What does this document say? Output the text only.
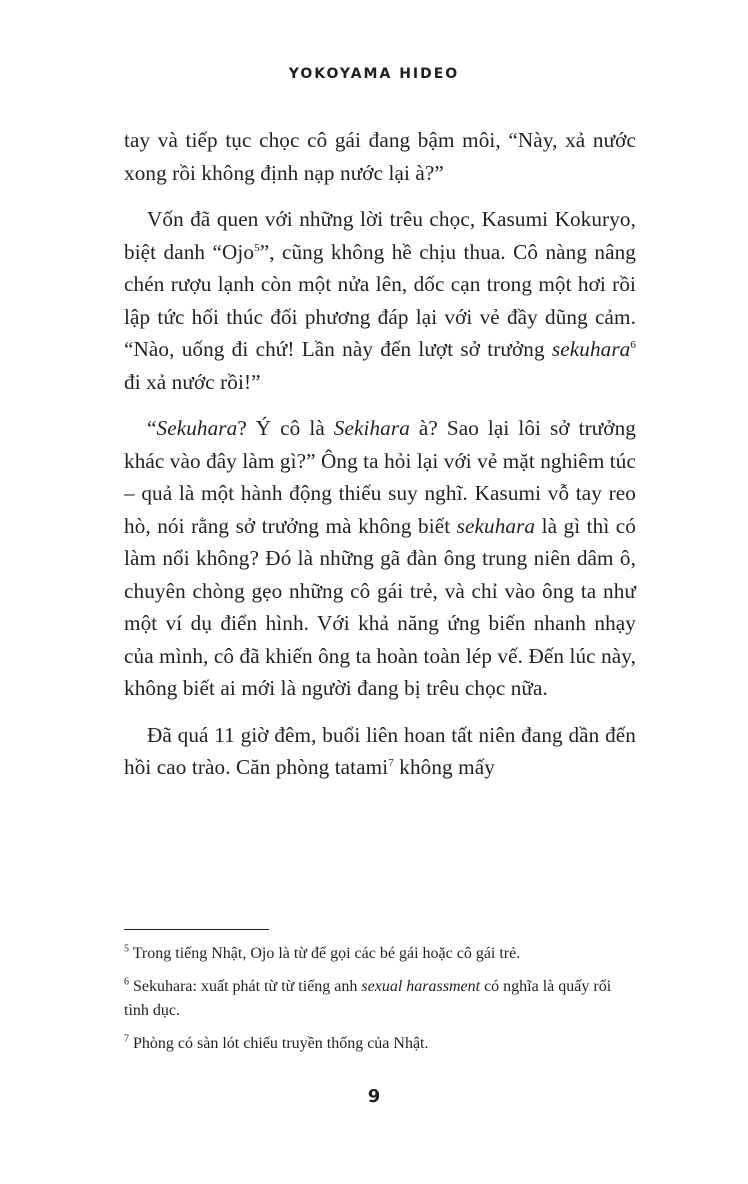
YOKOYAMA HIDEO

tay và tiếp tục chọc cô gái đang bậm môi, “Này, xả nước xong rồi không định nạp nước lại à?”

Vốn đã quen với những lời trêu chọc, Kasumi Kokuryo, biệt danh “Ojo$^5$”, cũng không hề chịu thua. Cô nàng nâng chén rượu lạnh còn một nửa lên, dốc cạn trong một hơi rồi lập tức hối thúc đối phương đáp lại với vẻ đầy dũng cảm. “Nào, uống đi chứ! Lần này đến lượt sở trưởng sekuhara$^6$ đi xả nước rồi!”

“Sekuhara? Ý cô là Sekihara à? Sao lại lôi sở trưởng khác vào đây làm gì?” Ông ta hỏi lại với vẻ mặt nghiêm túc – quả là một hành động thiếu suy nghĩ. Kasumi vỗ tay reo hò, nói rằng sở trưởng mà không biết sekuhara là gì thì có làm nổi không? Đó là những gã đàn ông trung niên dâm ô, chuyên chòng gẹo những cô gái trẻ, và chỉ vào ông ta như một ví dụ điển hình. Với khả năng ứng biến nhanh nhạy của mình, cô đã khiến ông ta hoàn toàn lép vế. Đến lúc này, không biết ai mới là người đang bị trêu chọc nữa.

Đã quá 11 giờ đêm, buổi liên hoan tất niên đang dần đến hồi cao trào. Căn phòng tatami$^7$ không mấy

$^5$ Trong tiếng Nhật, Ojo là từ để gọi các bé gái hoặc cô gái trẻ.

$^6$ Sekuhara: xuất phát từ từ tiếng anh sexual harassment có nghĩa là quấy rối tình dục.

$^7$ Phòng có sàn lót chiếu truyền thống của Nhật.

9
